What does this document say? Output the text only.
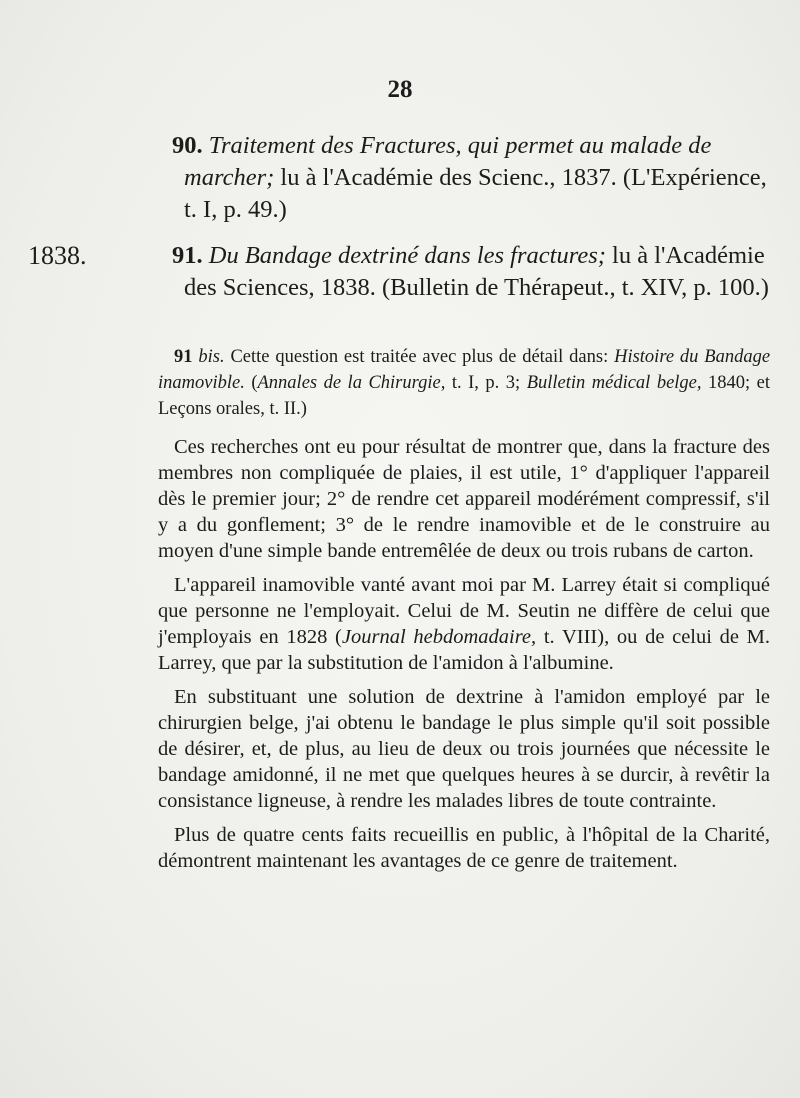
28
90. Traitement des Fractures, qui permet au malade de marcher; lu à l'Académie des Scienc., 1837. (L'Expérience, t. I, p. 49.)
1838.	91. Du Bandage dextriné dans les fractures; lu à l'Académie des Sciences, 1838. (Bulletin de Thérapeut., t. XIV, p. 100.)

91 bis. Cette question est traitée avec plus de détail dans: Histoire du Bandage inamovible. (Annales de la Chirurgie, t. I, p. 3; Bulletin médical belge, 1840; et Leçons orales, t. II.)

Ces recherches ont eu pour résultat de montrer que, dans la fracture des membres non compliquée de plaies, il est utile, 1° d'appliquer l'appareil dès le premier jour; 2° de rendre cet appareil modérément compressif, s'il y a du gonflement; 3° de le rendre inamovible et de le construire au moyen d'une simple bande entremêlée de deux ou trois rubans de carton.

L'appareil inamovible vanté avant moi par M. Larrey était si compliqué que personne ne l'employait. Celui de M. Seutin ne diffère de celui que j'employais en 1828 (Journal hebdomadaire, t. VIII), ou de celui de M. Larrey, que par la substitution de l'amidon à l'albumine.

En substituant une solution de dextrine à l'amidon employé par le chirurgien belge, j'ai obtenu le bandage le plus simple qu'il soit possible de désirer, et, de plus, au lieu de deux ou trois journées que nécessite le bandage amidonné, il ne met que quelques heures à se durcir, à revêtir la consistance ligneuse, à rendre les malades libres de toute contrainte.

Plus de quatre cents faits recueillis en public, à l'hôpital de la Charité, démontrent maintenant les avantages de ce genre de traitement.
